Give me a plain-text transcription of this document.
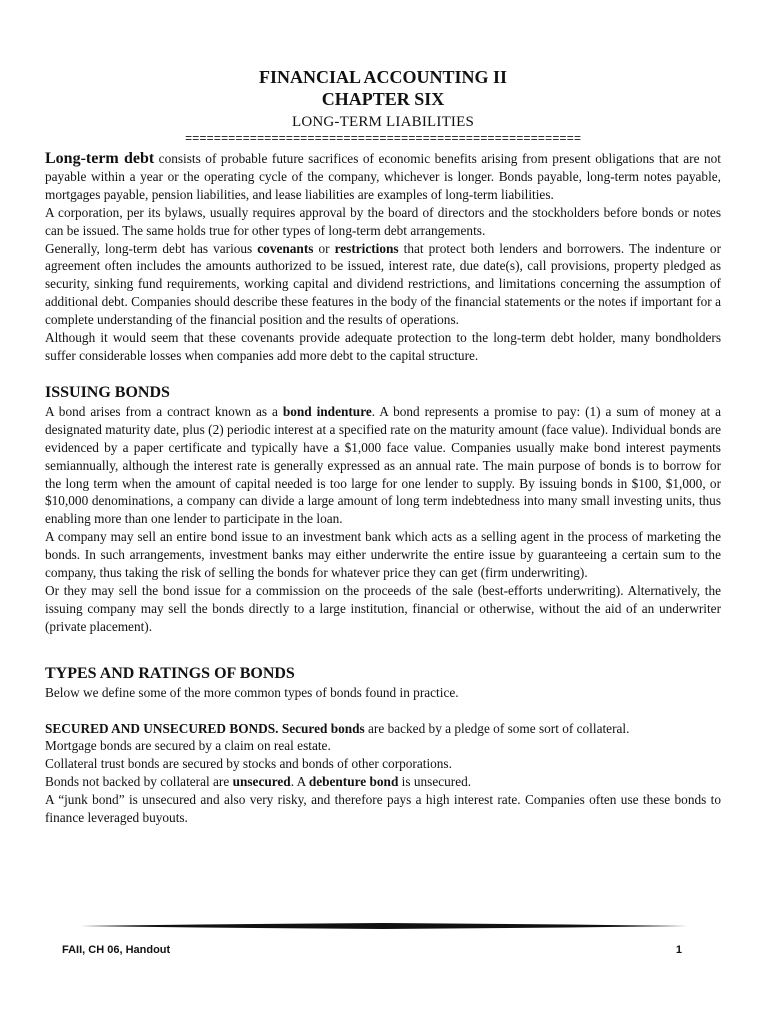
FINANCIAL ACCOUNTING II
CHAPTER SIX
LONG-TERM LIABILITIES
=======================================================

Long-term debt consists of probable future sacrifices of economic benefits arising from present obligations that are not payable within a year or the operating cycle of the company, whichever is longer. Bonds payable, long-term notes payable, mortgages payable, pension liabilities, and lease liabilities are examples of long-term liabilities.

A corporation, per its bylaws, usually requires approval by the board of directors and the stockholders before bonds or notes can be issued. The same holds true for other types of long-term debt arrangements.

Generally, long-term debt has various covenants or restrictions that protect both lenders and borrowers. The indenture or agreement often includes the amounts authorized to be issued, interest rate, due date(s), call provisions, property pledged as security, sinking fund requirements, working capital and dividend restrictions, and limitations concerning the assumption of additional debt. Companies should describe these features in the body of the financial statements or the notes if important for a complete understanding of the financial position and the results of operations.

Although it would seem that these covenants provide adequate protection to the long-term debt holder, many bondholders suffer considerable losses when companies add more debt to the capital structure.

ISSUING BONDS

A bond arises from a contract known as a bond indenture. A bond represents a promise to pay: (1) a sum of money at a designated maturity date, plus (2) periodic interest at a specified rate on the maturity amount (face value). Individual bonds are evidenced by a paper certificate and typically have a $1,000 face value. Companies usually make bond interest payments semiannually, although the interest rate is generally expressed as an annual rate. The main purpose of bonds is to borrow for the long term when the amount of capital needed is too large for one lender to supply. By issuing bonds in $100, $1,000, or $10,000 denominations, a company can divide a large amount of long term indebtedness into many small investing units, thus enabling more than one lender to participate in the loan.

A company may sell an entire bond issue to an investment bank which acts as a selling agent in the process of marketing the bonds. In such arrangements, investment banks may either underwrite the entire issue by guaranteeing a certain sum to the company, thus taking the risk of selling the bonds for whatever price they can get (firm underwriting).

Or they may sell the bond issue for a commission on the proceeds of the sale (best-efforts underwriting). Alternatively, the issuing company may sell the bonds directly to a large institution, financial or otherwise, without the aid of an underwriter (private placement).

TYPES AND RATINGS OF BONDS

Below we define some of the more common types of bonds found in practice.

SECURED AND UNSECURED BONDS. Secured bonds are backed by a pledge of some sort of collateral.

Mortgage bonds are secured by a claim on real estate.

Collateral trust bonds are secured by stocks and bonds of other corporations.

Bonds not backed by collateral are unsecured. A debenture bond is unsecured.

A “junk bond” is unsecured and also very risky, and therefore pays a high interest rate. Companies often use these bonds to finance leveraged buyouts.

FAII, CH 06, Handout	1
